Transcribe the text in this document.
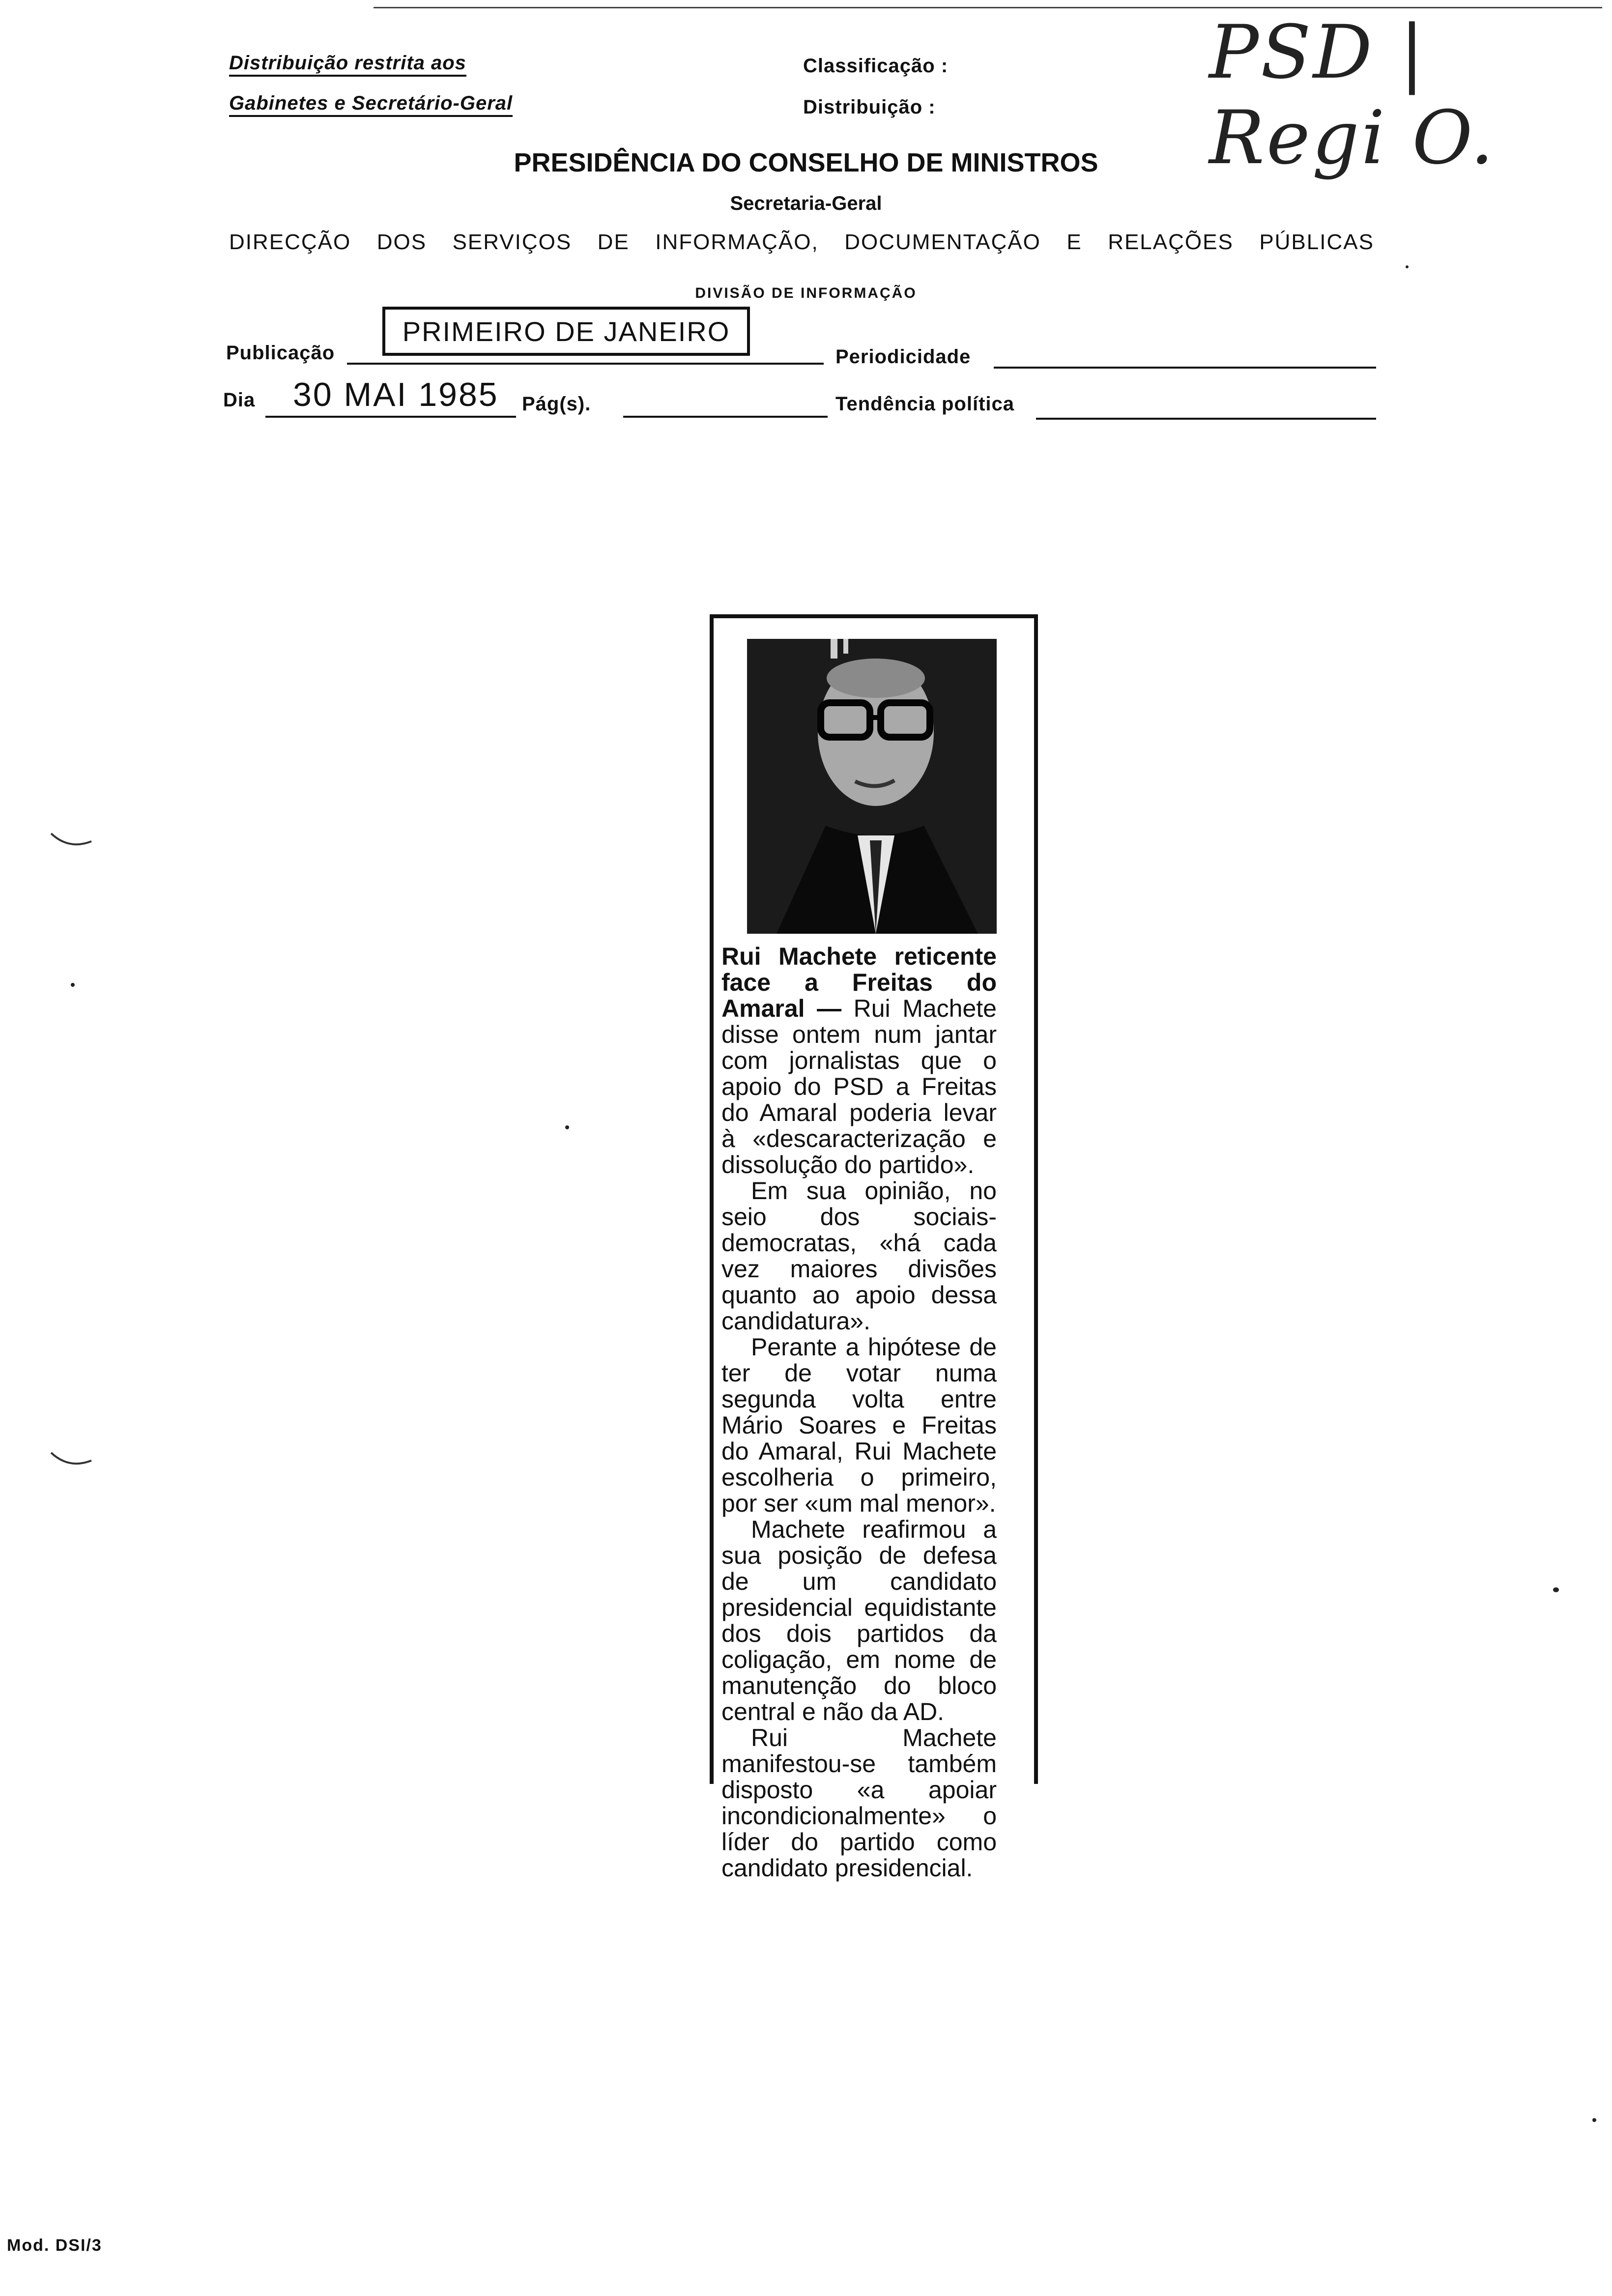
Distribuição restrita aos
Gabinetes e Secretário-Geral
Classificação :
Distribuição :
PSD | Regi O.
PRESIDÊNCIA DO CONSELHO DE MINISTROS
Secretaria-Geral
DIRECÇÃO DOS SERVIÇOS DE INFORMAÇÃO, DOCUMENTAÇÃO E RELAÇÕES PÚBLICAS
DIVISÃO DE INFORMAÇÃO
Publicação
PRIMEIRO DE JANEIRO
Periodicidade
Dia 30 MAI 1985 Pág(s).	Tendência política

Rui Machete reticente face a Freitas do Amaral — Rui Machete disse ontem num jantar com jornalistas que o apoio do PSD a Freitas do Amaral poderia levar à «descaracterização e dissolução do partido».

Em sua opinião, no seio dos sociais-democratas, «há cada vez maiores divisões quanto ao apoio dessa candidatura».

Perante a hipótese de ter de votar numa segunda volta entre Mário Soares e Freitas do Amaral, Rui Machete escolheria o primeiro, por ser «um mal menor».

Machete reafirmou a sua posição de defesa de um candidato presidencial equidistante dos dois partidos da coligação, em nome de manutenção do bloco central e não da AD.

Rui Machete manifestou-se também disposto «a apoiar incondicionalmente» o líder do partido como candidato presidencial.

Mod. DSI/3
